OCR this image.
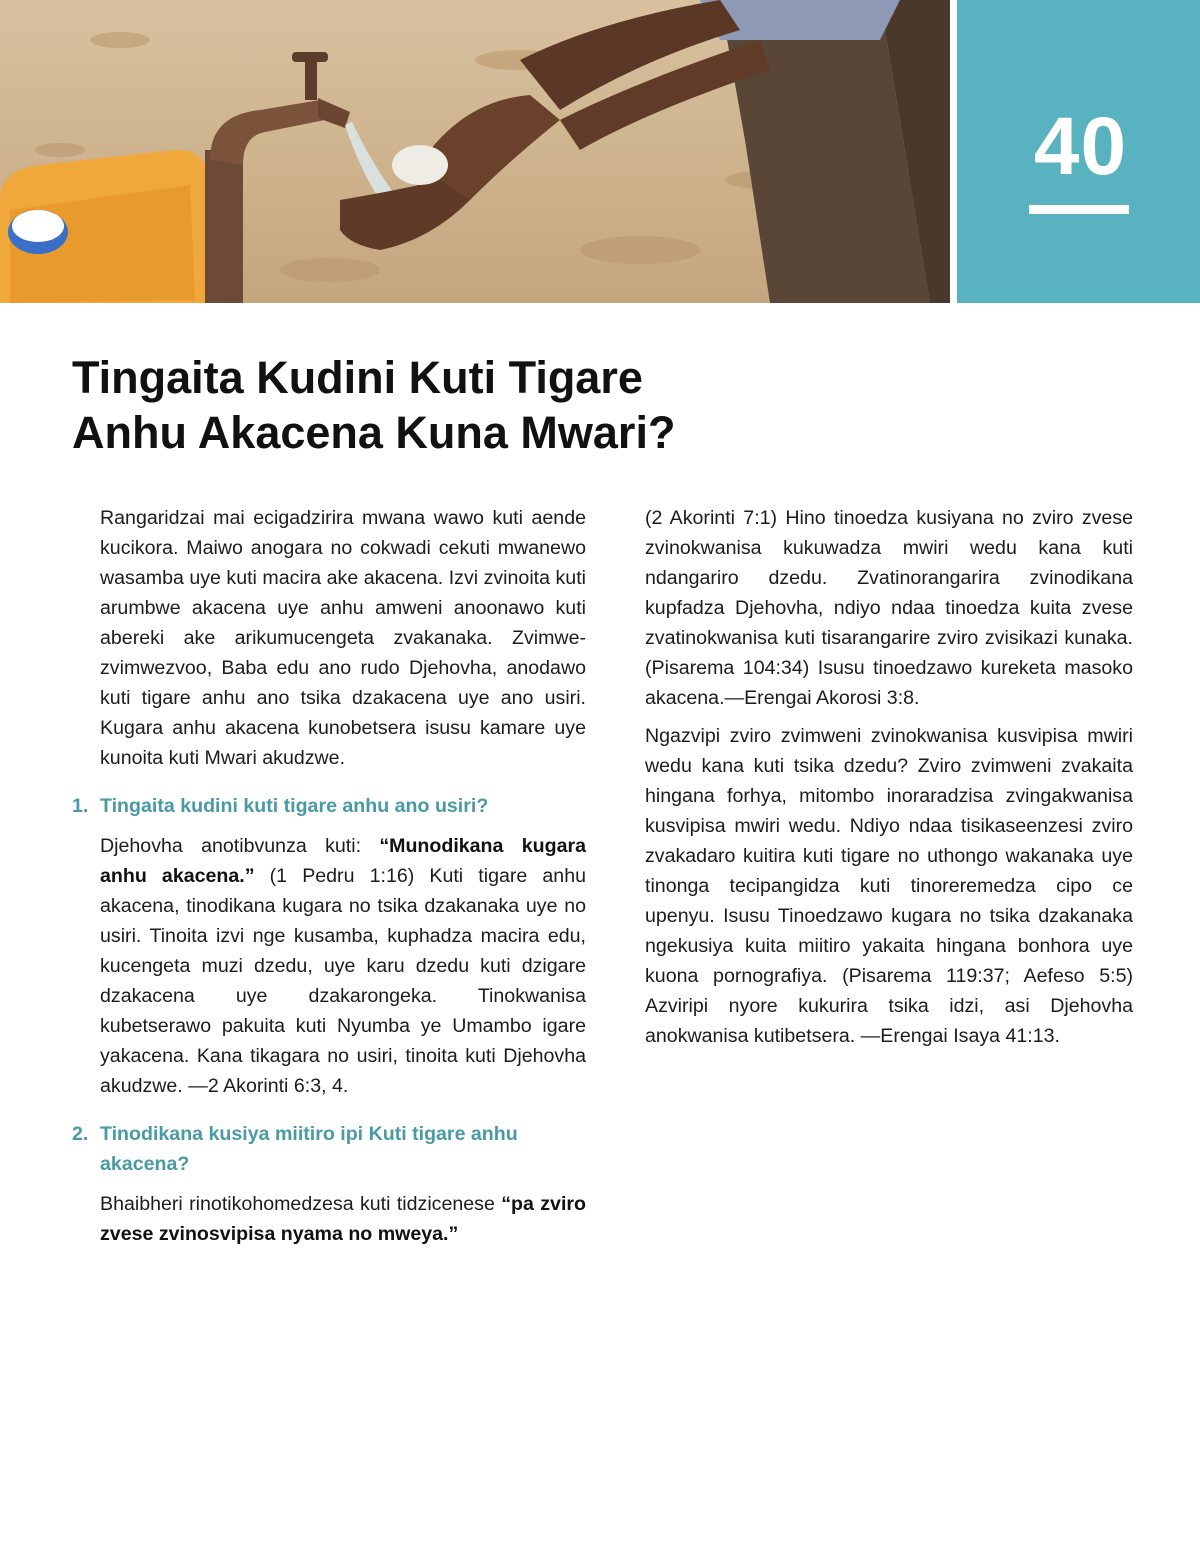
40
Tingaita Kudini Kuti Tigare
Anhu Akacena Kuna Mwari?

Rangaridzai mai ecigadzirira mwana wawo kuti aende kucikora. Maiwo anogara no cokwadi cekuti mwanewo wasamba uye kuti macira ake akacena. Izvi zvinoita kuti arumbwe akacena uye anhu amweni anoonawo kuti abereki ake arikumucengeta zvakanaka. Zvimwe-zvimwezvoo, Baba edu ano rudo Djehovha, anodawo kuti tigare anhu ano tsika dzakacena uye ano usiri. Kugara anhu akacena kunobetsera isusu kamare uye kunoita kuti Mwari akudzwe.

1. Tingaita kudini kuti tigare anhu ano usiri?

Djehovha anotibvunza kuti: “Munodikana kugara anhu akacena.” (1 Pedru 1:16) Kuti tigare anhu akacena, tinodikana kugara no tsika dzakanaka uye no usiri. Tinoita izvi nge kusamba, kuphadza macira edu, kucengeta muzi dzedu, uye karu dzedu kuti dzigare dzakacena uye dzakarongeka. Tinokwanisa kubetserawo pakuita kuti Nyumba ye Umambo igare yakacena. Kana tikagara no usiri, tinoita kuti Djehovha akudzwe. —2 Akorinti 6:3, 4.

2. Tinodikana kusiya miitiro ipi Kuti tigare anhu akacena?

Bhaibheri rinotikohomedzesa kuti tidzicenese “pa zviro zvese zvinosvipisa nyama no mweya.”

(2 Akorinti 7:1) Hino tinoedza kusiyana no zviro zvese zvinokwanisa kukuwadza mwiri wedu kana kuti ndangariro dzedu. Zvatinorangarira zvinodikana kupfadza Djehovha, ndiyo ndaa tinoedza kuita zvese zvatinokwanisa kuti tisarangarire zviro zvisikazi kunaka. (Pisarema 104:34) Isusu tinoedzawo kureketa masoko akacena.—Erengai Akorosi 3:8.

Ngazvipi zviro zvimweni zvinokwanisa kusvipisa mwiri wedu kana kuti tsika dzedu? Zviro zvimweni zvakaita hingana forhya, mitombo inoraradzisa zvingakwanisa kusvipisa mwiri wedu. Ndiyo ndaa tisikaseenzesi zviro zvakadaro kuitira kuti tigare no uthongo wakanaka uye tinonga tecipangidza kuti tinoreremedza cipo ce upenyu. Isusu Tinoedzawo kugara no tsika dzakanaka ngekusiya kuita miitiro yakaita hingana bonhora uye kuona pornografiya. (Pisarema 119:37; Aefeso 5:5) Azviripi nyore kukurira tsika idzi, asi Djehovha anokwanisa kutibetsera. —Erengai Isaya 41:13.
